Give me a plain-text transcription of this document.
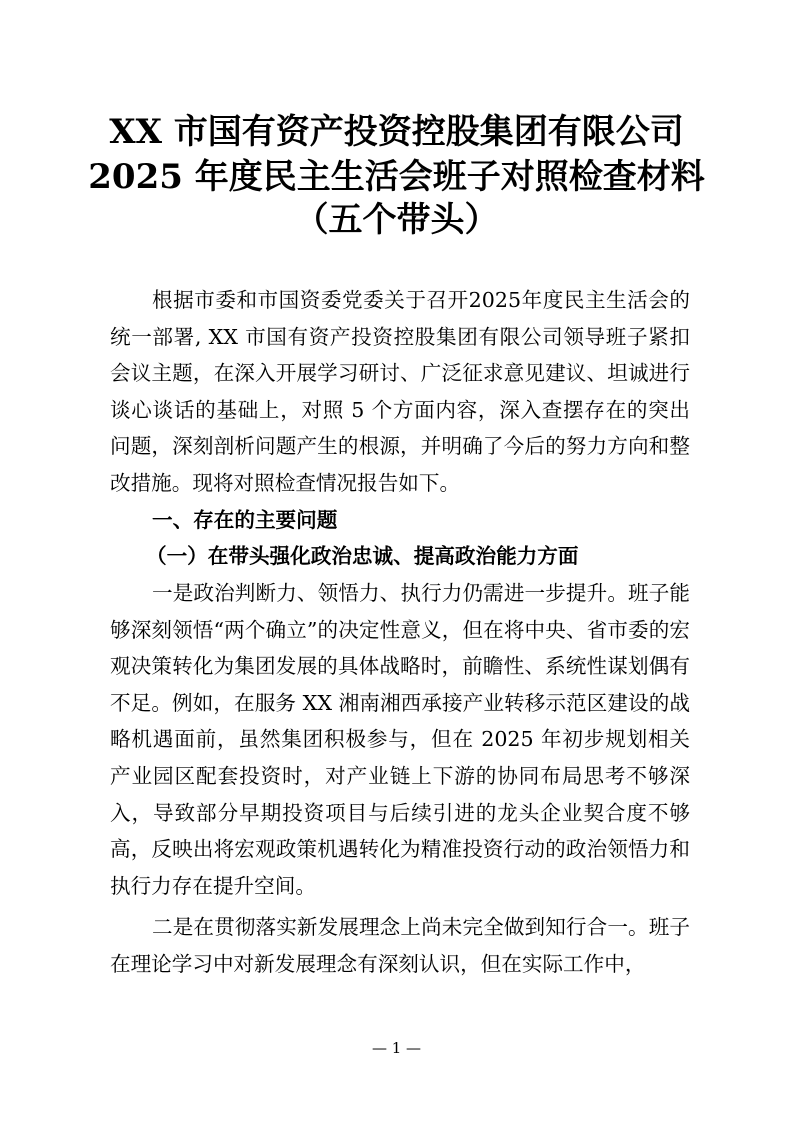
XX 市国有资产投资控股集团有限公司
2025 年度民主生活会班子对照检查材料
（五个带头）

根据市委和市国资委党委关于召开2025年度民主生活会的统一部署, XX 市国有资产投资控股集团有限公司领导班子紧扣会议主题，在深入开展学习研讨、广泛征求意见建议、坦诚进行谈心谈话的基础上，对照 5 个方面内容，深入查摆存在的突出问题，深刻剖析问题产生的根源，并明确了今后的努力方向和整改措施。现将对照检查情况报告如下。

一、存在的主要问题
（一）在带头强化政治忠诚、提高政治能力方面

一是政治判断力、领悟力、执行力仍需进一步提升。班子能够深刻领悟“两个确立”的决定性意义，但在将中央、省市委的宏观决策转化为集团发展的具体战略时，前瞻性、系统性谋划偶有不足。例如，在服务 XX 湘南湘西承接产业转移示范区建设的战略机遇面前，虽然集团积极参与，但在 2025 年初步规划相关产业园区配套投资时，对产业链上下游的协同布局思考不够深入，导致部分早期投资项目与后续引进的龙头企业契合度不够高，反映出将宏观政策机遇转化为精准投资行动的政治领悟力和执行力存在提升空间。

二是在贯彻落实新发展理念上尚未完全做到知行合一。班子在理论学习中对新发展理念有深刻认识，但在实际工作中，

— 1 —
